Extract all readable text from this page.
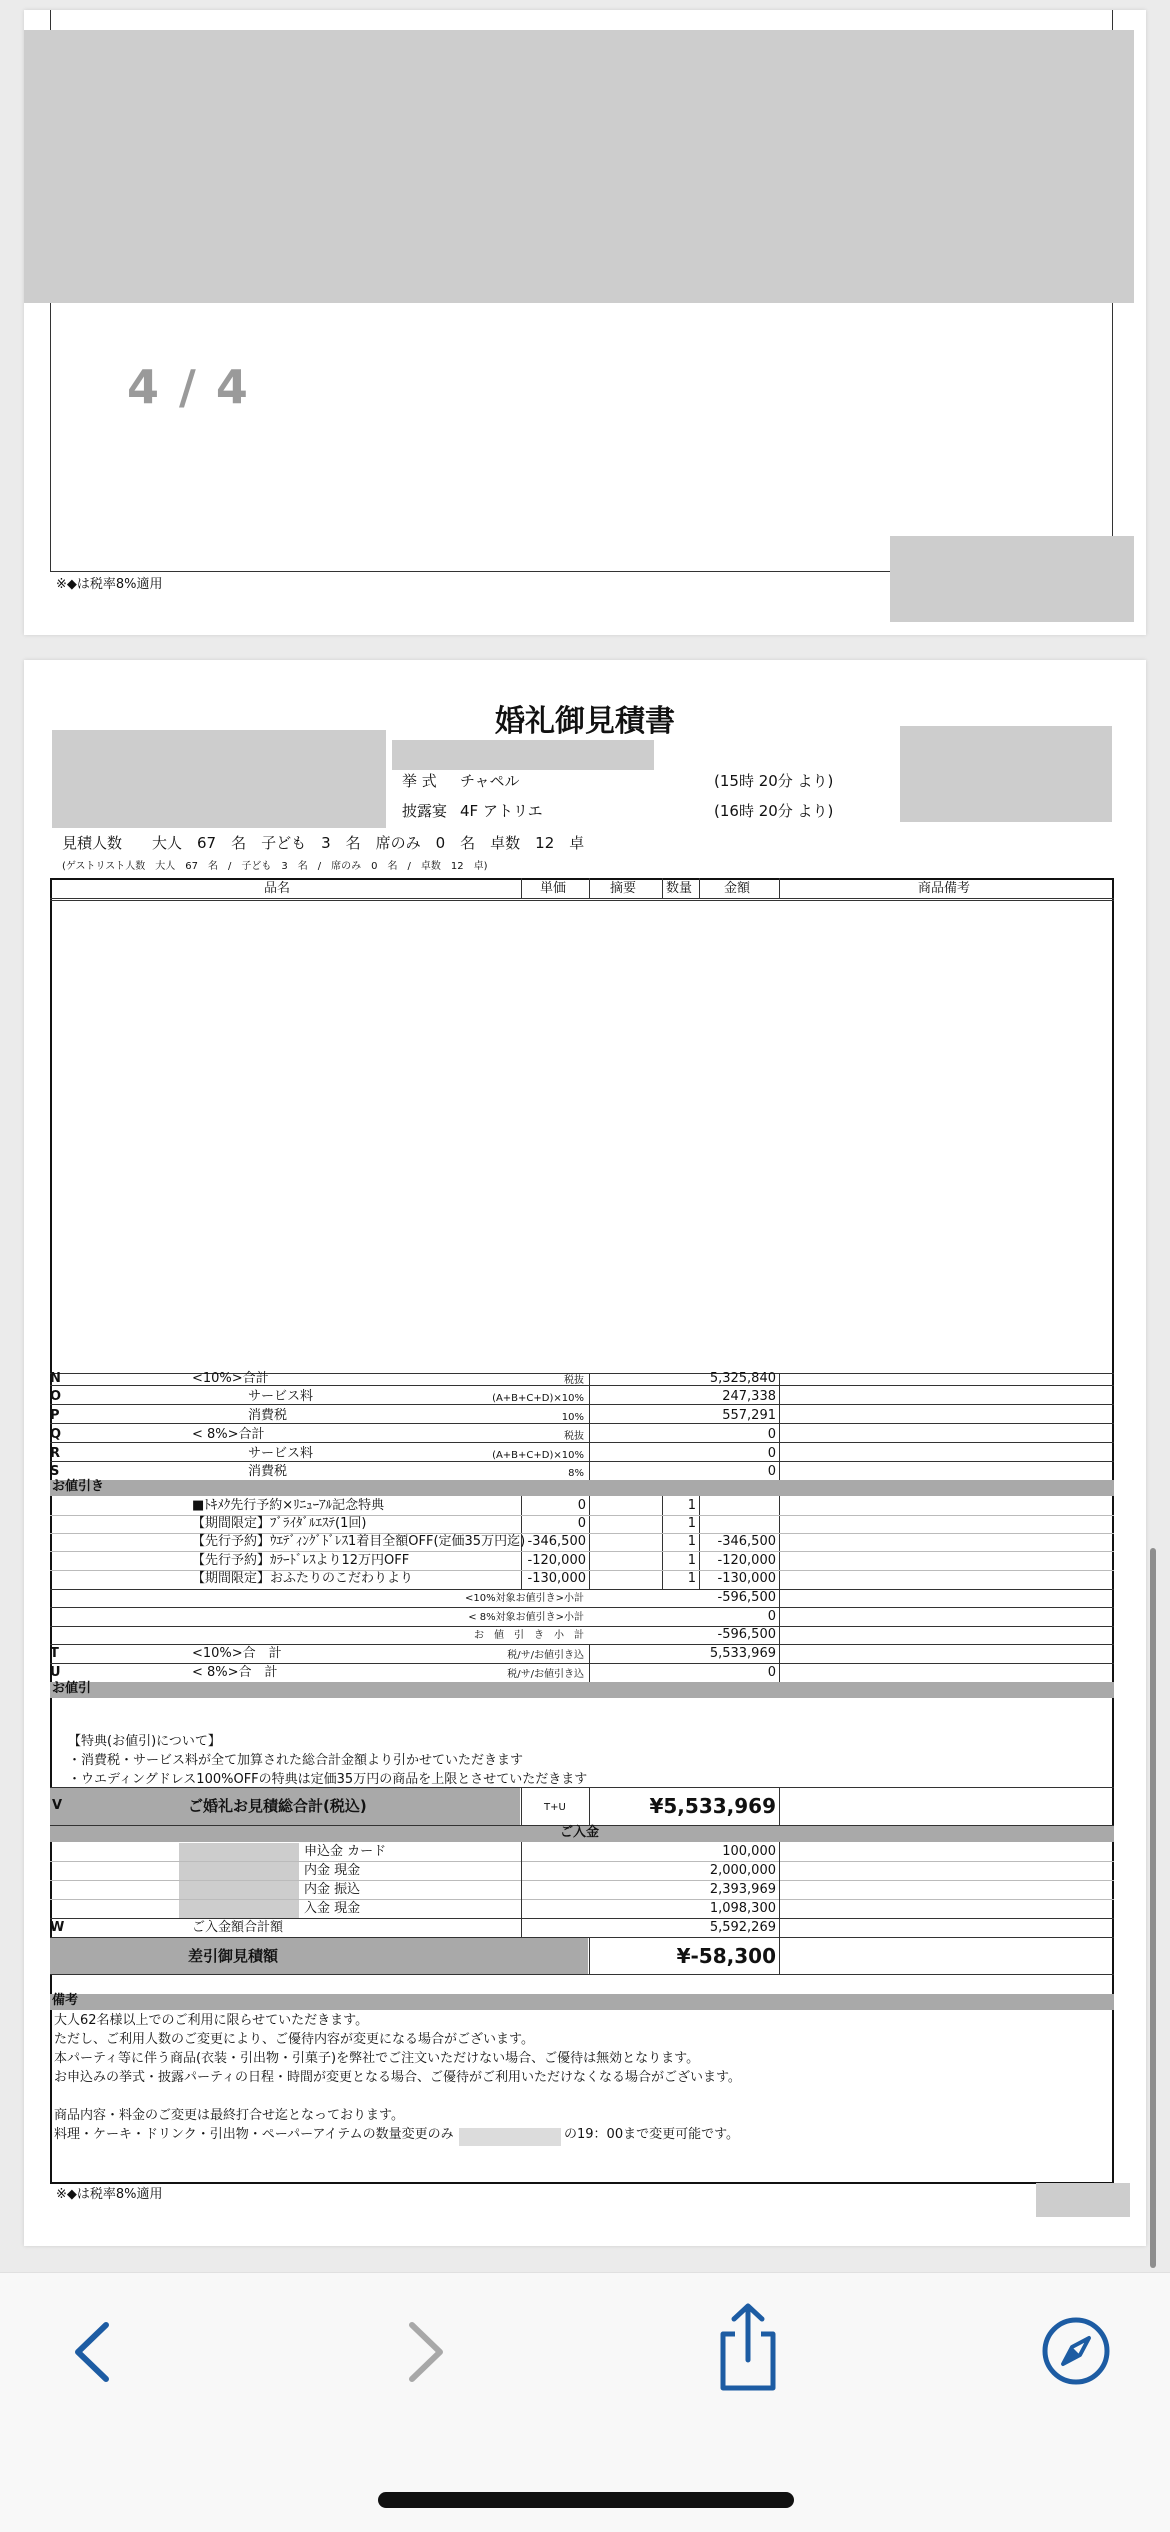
4 / 4
※◆は税率8%適用
婚礼御見積書
挙 式 チャペル	(15時 20分 より)
披露宴 4F アトリエ	(16時 20分 より)
見積人数　　大人　67　名　子ども　3　名　席のみ　0　名　卓数　12　卓
(ゲストリスト人数　大人　67　名　/　子ども　3　名　/　席のみ　0　名　/　卓数　12　卓)
品名	単価	摘要 数量 金額	商品備考
N	<10%>合計	税抜	5,325,840
O	サービス料	(A+B+C+D)×10%	247,338
P	消費税	10%	557,291
Q	< 8%>合計	税抜	0
R	サービス料	(A+B+C+D)×10%	0
S	消費税	8%	0
お値引き
■ﾄｷﾒｸ先行予約×ﾘﾆｭｰｱﾙ記念特典	0	1
【期間限定】ﾌﾞﾗｲﾀﾞﾙｴｽﾃ(1回)	0	1
【先行予約】ｳｴﾃﾞｨﾝｸﾞﾄﾞﾚｽ1着目全額OFF(定価35万円迄) -346,500	1	-346,500
【先行予約】ｶﾗｰﾄﾞﾚｽより12万円OFF	-120,000	1	-120,000
【期間限定】おふたりのこだわりより	-130,000	1	-130,000
<10%対象お値引き>小計	-596,500
< 8%対象お値引き>小計	0
お　値　引　き　小　計	-596,500
T	<10%>合　計	税/サ/お値引き込	5,533,969
U	< 8%>合　計	税/サ/お値引き込	0
お値引
【特典(お値引)について】
・消費税・サービス料が全て加算された総合計金額より引かせていただきます
・ウエディングドレス100%OFFの特典は定価35万円の商品を上限とさせていただきます
V	ご婚礼お見積総合計(税込)	T+U	¥5,533,969
ご入金
申込金 カード	100,000
内金 現金	2,000,000
内金 振込	2,393,969
入金 現金	1,098,300
W	ご入金額合計額	5,592,269
差引御見積額	¥-58,300
備考
大人62名様以上でのご利用に限らせていただきます。
ただし、ご利用人数のご変更により、ご優待内容が変更になる場合がございます。
本パーティ等に伴う商品(衣装・引出物・引菓子)を弊社でご注文いただけない場合、ご優待は無効となります。
お申込みの挙式・披露パーティの日程・時間が変更となる場合、ご優待がご利用いただけなくなる場合がございます。
商品内容・料金のご変更は最終打合せ迄となっております。
料理・ケーキ・ドリンク・引出物・ペーパーアイテムの数量変更のみ	の19：00まで変更可能です。
※◆は税率8%適用
